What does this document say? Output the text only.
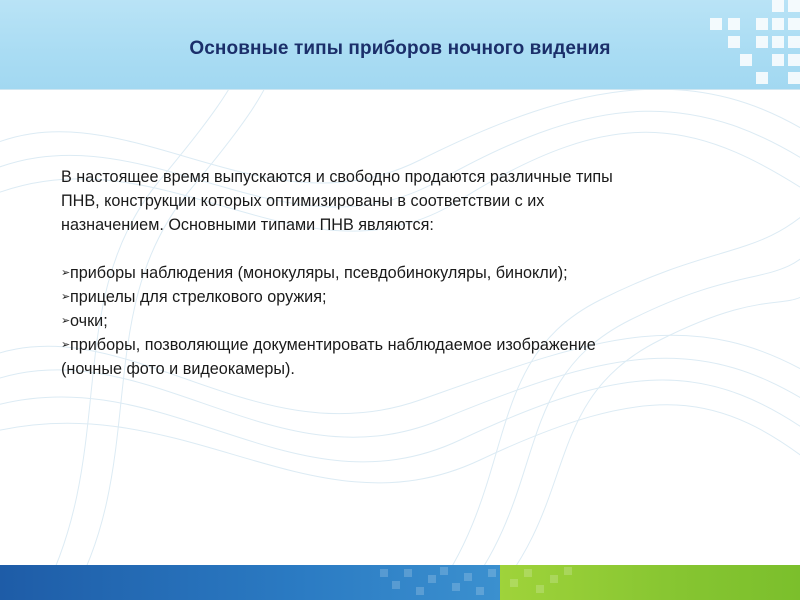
Основные типы приборов ночного видения

В настоящее время выпускаются и свободно продаются различные типы

ПНВ, конструкции которых оптимизированы в соответствии с их

назначением. Основными типами ПНВ являются:

➢приборы наблюдения (монокуляры, псевдобинокуляры, бинокли);

➢прицелы для стрелкового оружия;

➢очки;

➢приборы, позволяющие документировать наблюдаемое изображение

(ночные фото и видеокамеры).
